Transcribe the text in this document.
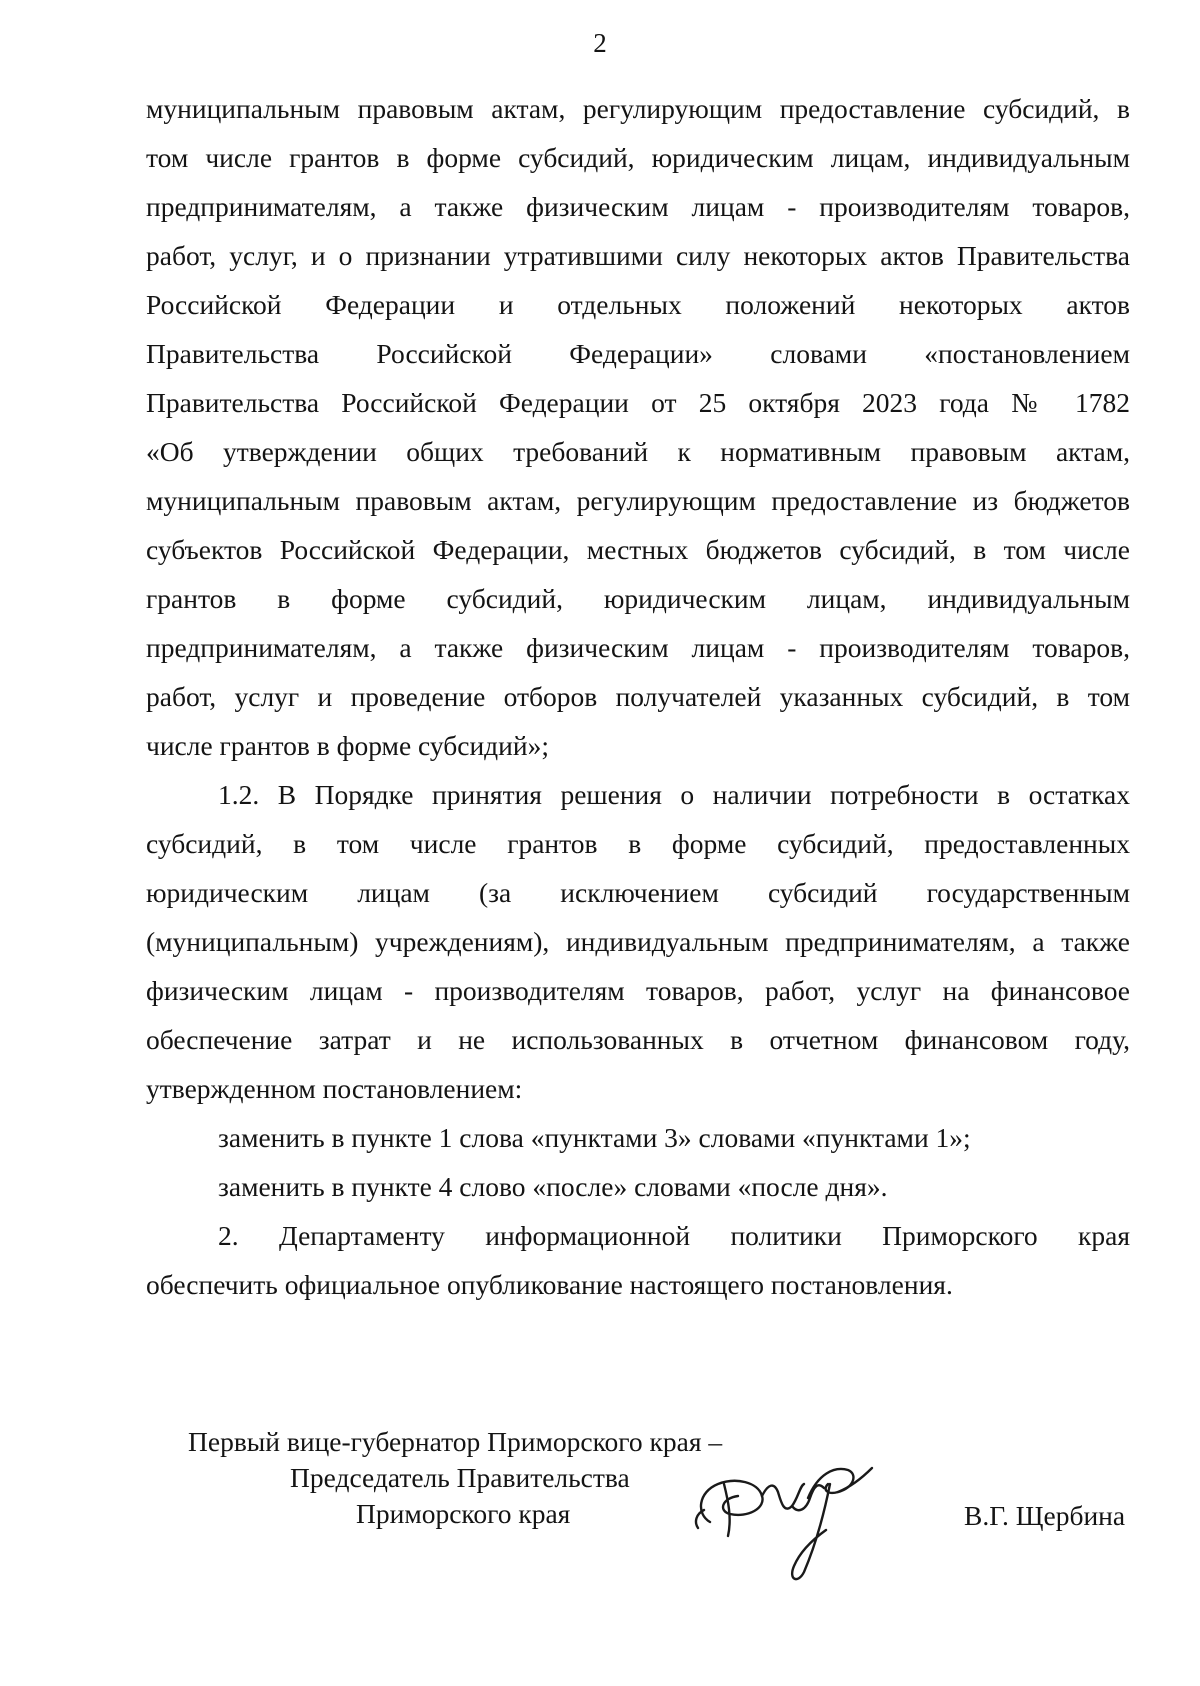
2
муниципальным правовым актам, регулирующим предоставление субсидий, в
том числе грантов в форме субсидий, юридическим лицам, индивидуальным
предпринимателям, а также физическим лицам - производителям товаров,
работ, услуг, и о признании утратившими силу некоторых актов Правительства
Российской Федерации и отдельных положений некоторых актов
Правительства Российской Федерации» словами «постановлением
Правительства Российской Федерации от 25 октября 2023 года № 1782
«Об утверждении общих требований к нормативным правовым актам,
муниципальным правовым актам, регулирующим предоставление из бюджетов
субъектов Российской Федерации, местных бюджетов субсидий, в том числе
грантов в форме субсидий, юридическим лицам, индивидуальным
предпринимателям, а также физическим лицам - производителям товаров,
работ, услуг и проведение отборов получателей указанных субсидий, в том
числе грантов в форме субсидий»;
1.2. В Порядке принятия решения о наличии потребности в остатках
субсидий, в том числе грантов в форме субсидий, предоставленных
юридическим лицам (за исключением субсидий государственным
(муниципальным) учреждениям), индивидуальным предпринимателям, а также
физическим лицам - производителям товаров, работ, услуг на финансовое
обеспечение затрат и не использованных в отчетном финансовом году,
утвержденном постановлением:
заменить в пункте 1 слова «пунктами 3» словами «пунктами 1»;
заменить в пункте 4 слово «после» словами «после дня».
2. Департаменту информационной политики Приморского края
обеспечить официальное опубликование настоящего постановления.
Первый вице-губернатор Приморского края –
Председатель Правительства
Приморского края	В.Г. Щербина
